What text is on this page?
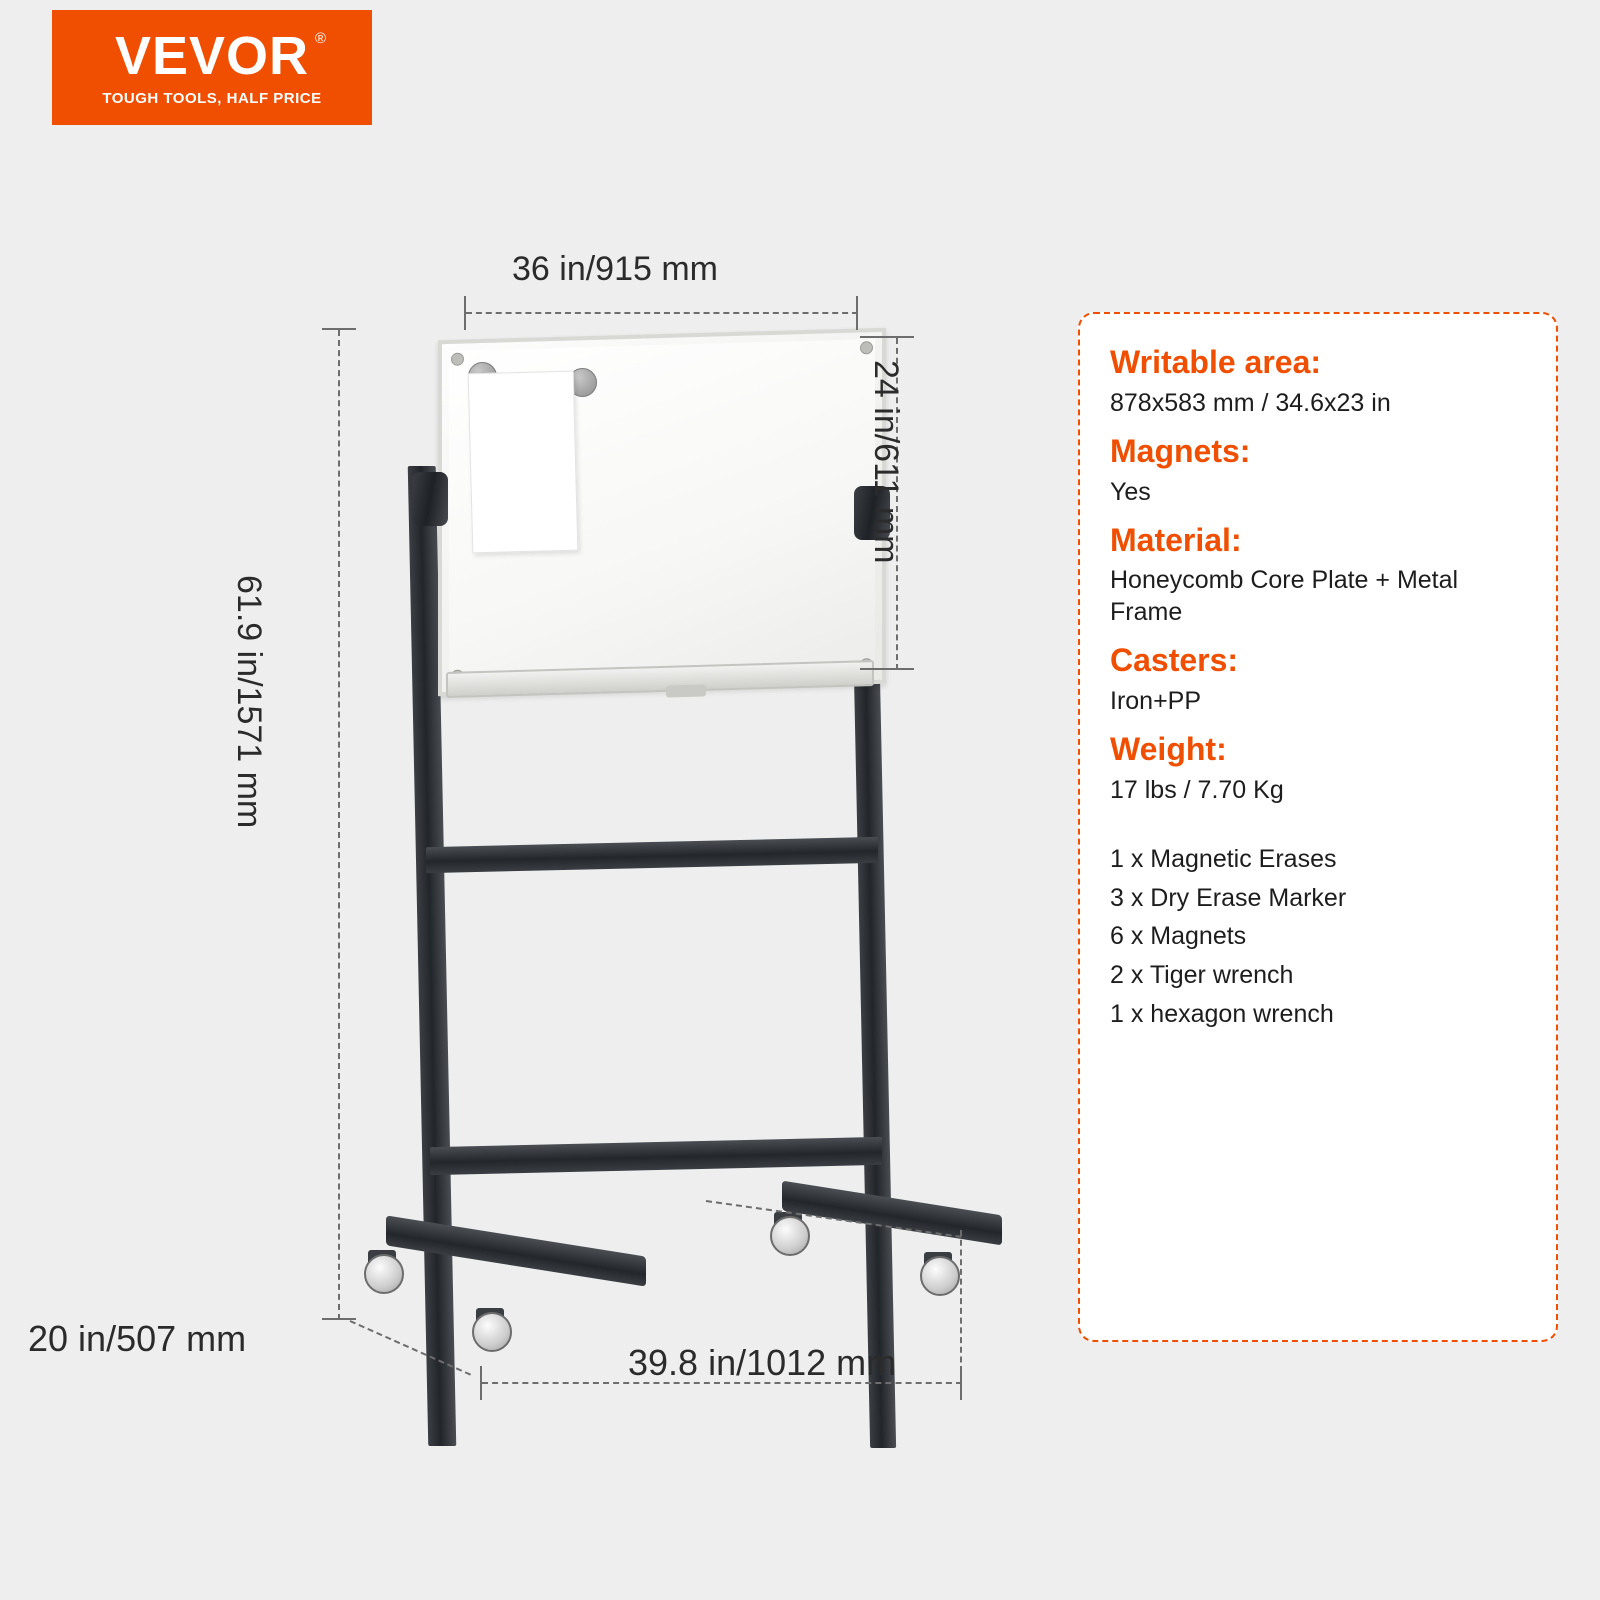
VEVOR ®
TOUGH TOOLS, HALF PRICE
36 in/915 mm
24 in/611 mm
61.9 in/1571 mm
20 in/507 mm
39.8 in/1012 mm
Writable area:
878x583 mm / 34.6x23 in
Magnets:
Yes
Material:
Honeycomb Core Plate + Metal Frame
Casters:
Iron+PP
Weight:
17 lbs / 7.70 Kg
1 x Magnetic Erases
3 x Dry Erase Marker
6 x Magnets
2 x Tiger wrench
1 x hexagon wrench
